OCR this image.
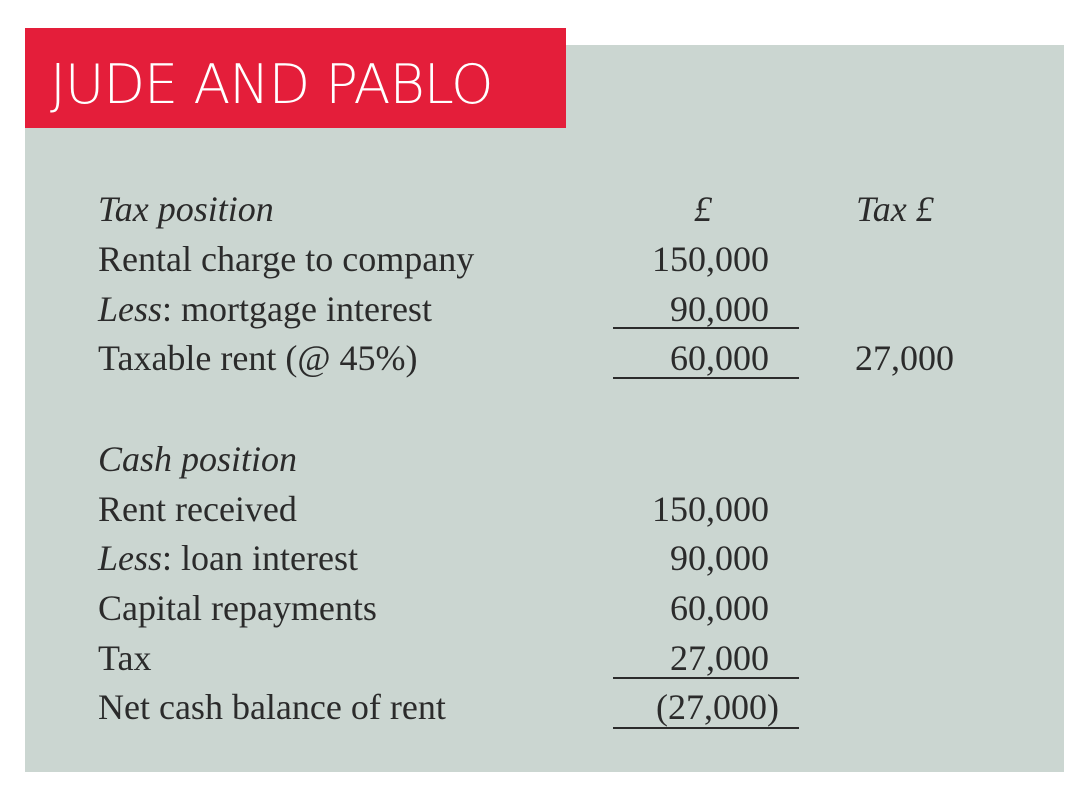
JUDE AND PABLO
Tax position	£	Tax £
Rental charge to company	150,000
Less: mortgage interest	90,000
Taxable rent (@ 45%)	60,000	27,000
Cash position
Rent received	150,000
Less: loan interest	90,000
Capital repayments	60,000
Tax	27,000
Net cash balance of rent	(27,000)
